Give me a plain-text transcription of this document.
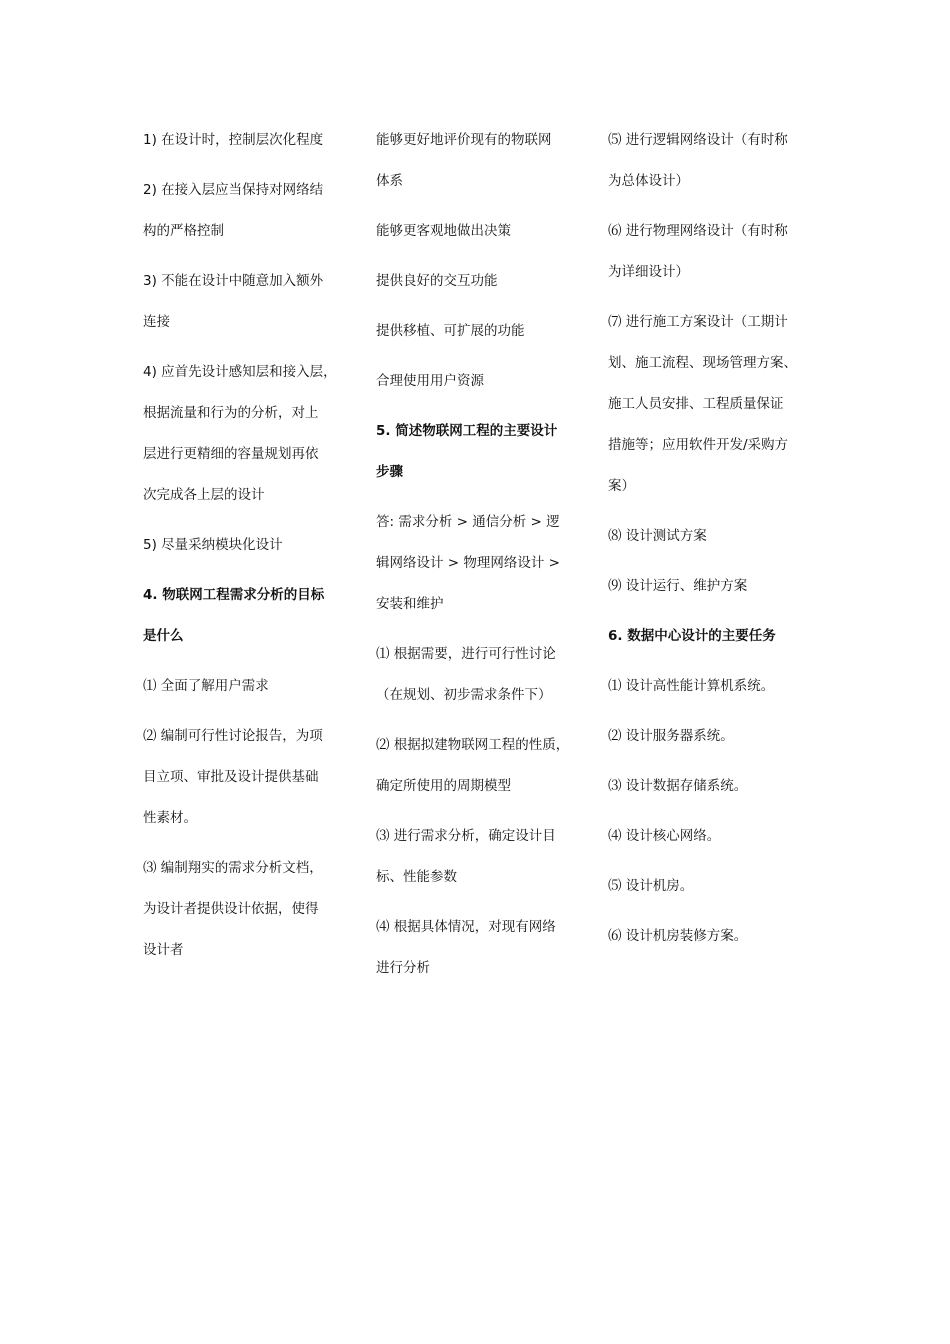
1) 在设计时，控制层次化程度

2) 在接入层应当保持对网络结
构的严格控制

3) 不能在设计中随意加入额外
连接

4) 应首先设计感知层和接入层，
根据流量和行为的分析，对上
层进行更精细的容量规划再依
次完成各上层的设计

5) 尽量采纳模块化设计

4. 物联网工程需求分析的目标
是什么

⑴ 全面了解用户需求

⑵ 编制可行性讨论报告，为项
目立项、审批及设计提供基础
性素材。

⑶ 编制翔实的需求分析文档，
为设计者提供设计依据，使得
设计者

能够更好地评价现有的物联网
体系

能够更客观地做出决策

提供良好的交互功能

提供移植、可扩展的功能

合理使用用户资源

5. 简述物联网工程的主要设计
步骤

答: 需求分析 > 通信分析 > 逻
辑网络设计 > 物理网络设计 >
安装和维护

⑴ 根据需要，进行可行性讨论
（在规划、初步需求条件下）

⑵ 根据拟建物联网工程的性质，
确定所使用的周期模型

⑶ 进行需求分析，确定设计目
标、性能参数

⑷ 根据具体情况，对现有网络
进行分析

⑸ 进行逻辑网络设计（有时称
为总体设计）

⑹ 进行物理网络设计（有时称
为详细设计）

⑺ 进行施工方案设计（工期计
划、施工流程、现场管理方案、
施工人员安排、工程质量保证
措施等；应用软件开发/采购方
案）

⑻ 设计测试方案

⑼ 设计运行、维护方案

6. 数据中心设计的主要任务

⑴ 设计高性能计算机系统。

⑵ 设计服务器系统。

⑶ 设计数据存储系统。

⑷ 设计核心网络。

⑸ 设计机房。

⑹ 设计机房装修方案。
